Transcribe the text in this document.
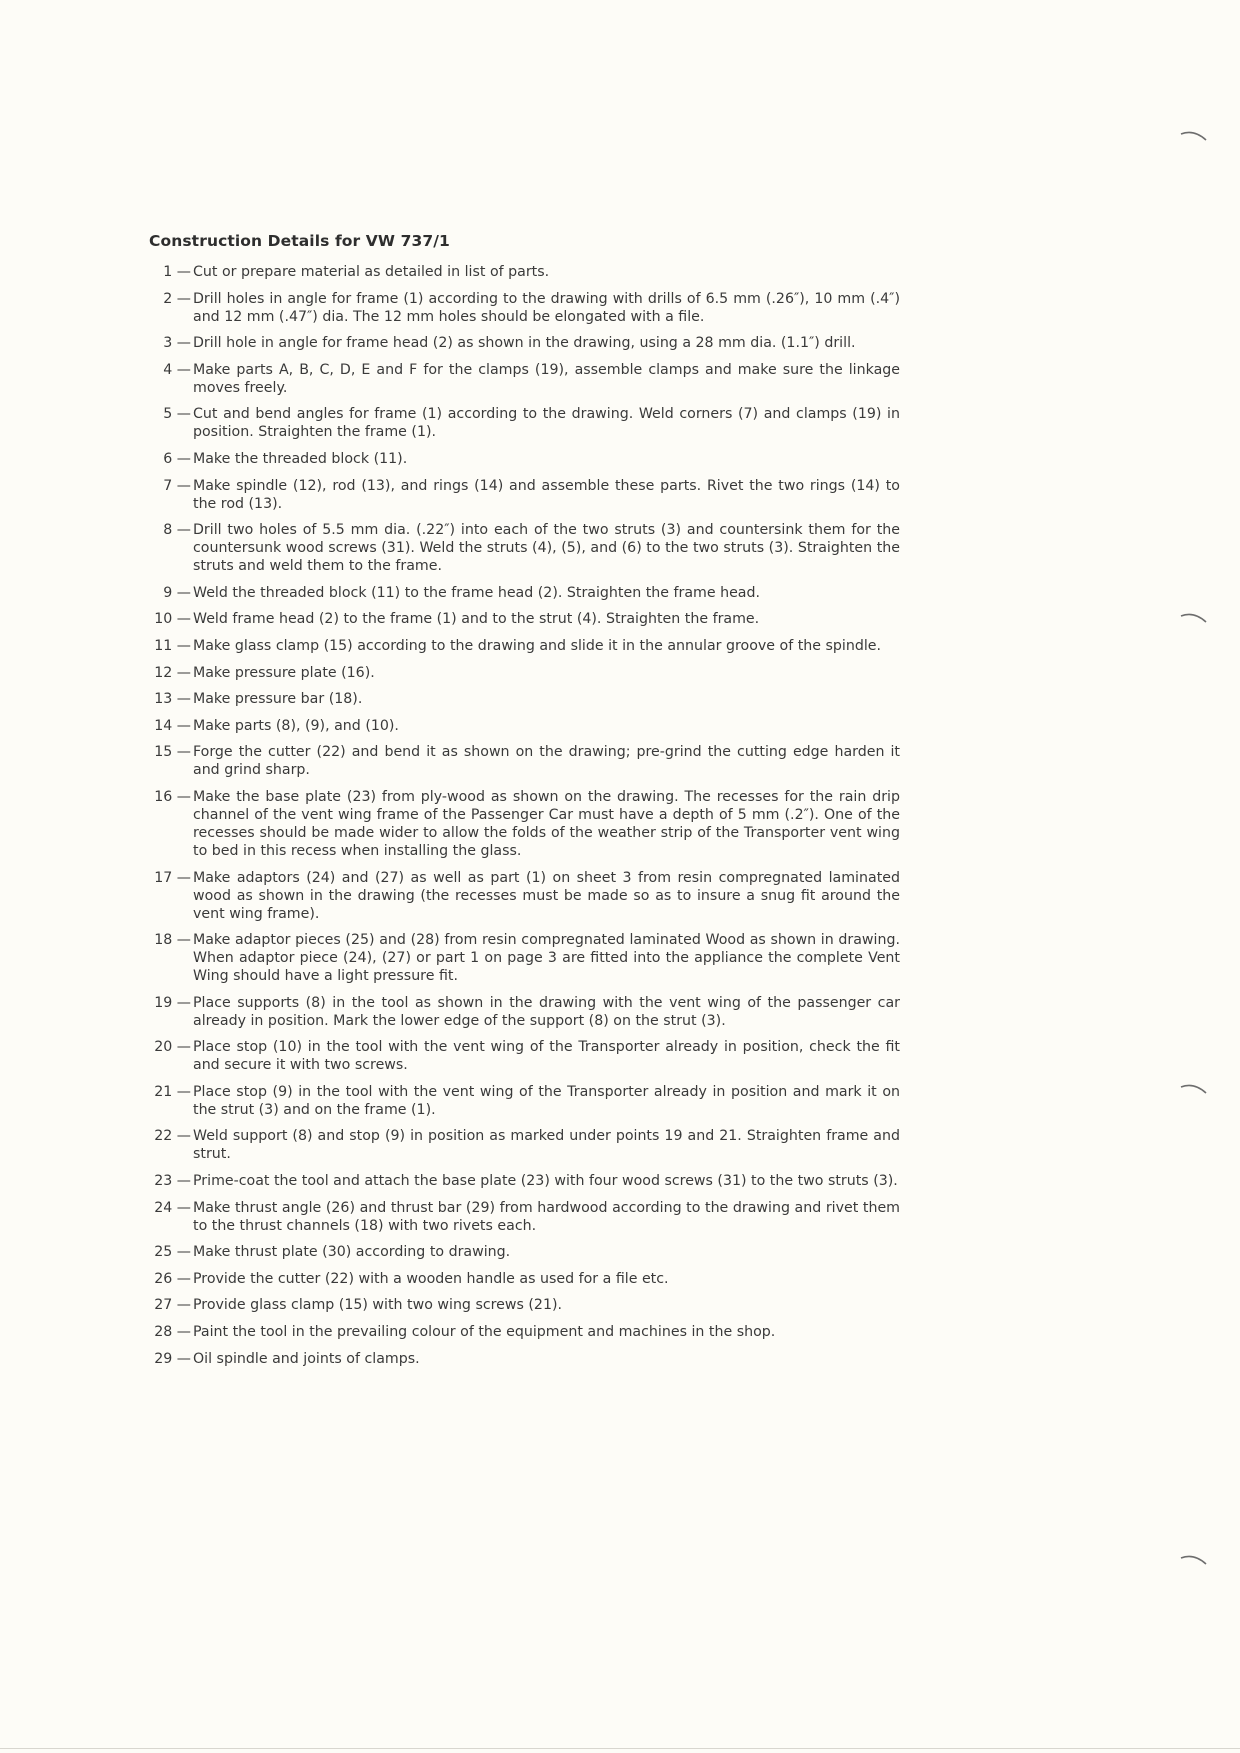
Construction Details for VW 737/1
1 — Cut or prepare material as detailed in list of parts.
2 — Drill holes in angle for frame (1) according to the drawing with drills of 6.5 mm (.26″), 10 mm (.4″) and 12 mm (.47″) dia. The 12 mm holes should be elongated with a file.
3 — Drill hole in angle for frame head (2) as shown in the drawing, using a 28 mm dia. (1.1″) drill.
4 — Make parts A, B, C, D, E and F for the clamps (19), assemble clamps and make sure the linkage moves freely.
5 — Cut and bend angles for frame (1) according to the drawing. Weld corners (7) and clamps (19) in position. Straighten the frame (1).
6 — Make the threaded block (11).
7 — Make spindle (12), rod (13), and rings (14) and assemble these parts. Rivet the two rings (14) to the rod (13).
8 — Drill two holes of 5.5 mm dia. (.22″) into each of the two struts (3) and countersink them for the countersunk wood screws (31). Weld the struts (4), (5), and (6) to the two struts (3). Straighten the struts and weld them to the frame.
9 — Weld the threaded block (11) to the frame head (2). Straighten the frame head.
10 — Weld frame head (2) to the frame (1) and to the strut (4). Straighten the frame.
11 — Make glass clamp (15) according to the drawing and slide it in the annular groove of the spindle.
12 — Make pressure plate (16).
13 — Make pressure bar (18).
14 — Make parts (8), (9), and (10).
15 — Forge the cutter (22) and bend it as shown on the drawing; pre-grind the cutting edge harden it and grind sharp.
16 — Make the base plate (23) from ply-wood as shown on the drawing. The recesses for the rain drip channel of the vent wing frame of the Passenger Car must have a depth of 5 mm (.2″). One of the recesses should be made wider to allow the folds of the weather strip of the Transporter vent wing to bed in this recess when installing the glass.
17 — Make adaptors (24) and (27) as well as part (1) on sheet 3 from resin compregnated laminated wood as shown in the drawing (the recesses must be made so as to insure a snug fit around the vent wing frame).
18 — Make adaptor pieces (25) and (28) from resin compregnated laminated Wood as shown in drawing. When adaptor piece (24), (27) or part 1 on page 3 are fitted into the appliance the complete Vent Wing should have a light pressure fit.
19 — Place supports (8) in the tool as shown in the drawing with the vent wing of the passenger car already in position. Mark the lower edge of the support (8) on the strut (3).
20 — Place stop (10) in the tool with the vent wing of the Transporter already in position, check the fit and secure it with two screws.
21 — Place stop (9) in the tool with the vent wing of the Transporter already in position and mark it on the strut (3) and on the frame (1).
22 — Weld support (8) and stop (9) in position as marked under points 19 and 21. Straighten frame and strut.
23 — Prime-coat the tool and attach the base plate (23) with four wood screws (31) to the two struts (3).
24 — Make thrust angle (26) and thrust bar (29) from hardwood according to the drawing and rivet them to the thrust channels (18) with two rivets each.
25 — Make thrust plate (30) according to drawing.
26 — Provide the cutter (22) with a wooden handle as used for a file etc.
27 — Provide glass clamp (15) with two wing screws (21).
28 — Paint the tool in the prevailing colour of the equipment and machines in the shop.
29 — Oil spindle and joints of clamps.
